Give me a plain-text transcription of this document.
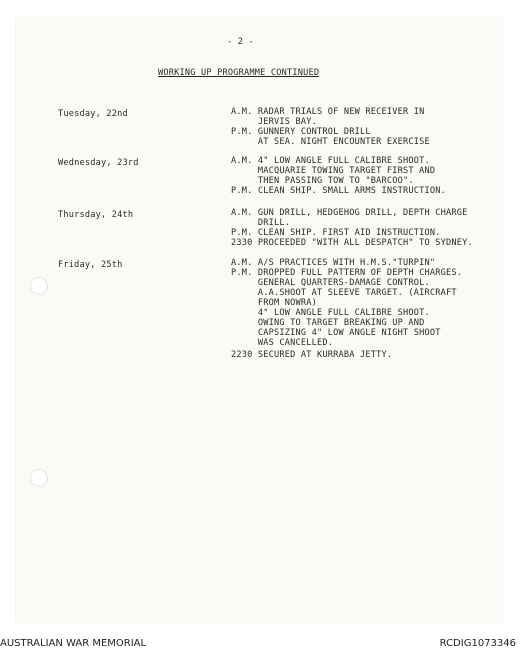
- 2 -
WORKING UP PROGRAMME CONTINUED
Tuesday, 22nd	A.M. RADAR TRIALS OF NEW RECEIVER IN
JERVIS BAY.
P.M. GUNNERY CONTROL DRILL
AT SEA. NIGHT ENCOUNTER EXERCISE
Wednesday, 23rd	A.M. 4" LOW ANGLE FULL CALIBRE SHOOT.
MACQUARIE TOWING TARGET FIRST AND
THEN PASSING TOW TO "BARCOO".
P.M. CLEAN SHIP. SMALL ARMS INSTRUCTION.
Thursday, 24th	A.M. GUN DRILL, HEDGEHOG DRILL, DEPTH CHARGE
DRILL.
P.M. CLEAN SHIP. FIRST AID INSTRUCTION.
2330 PROCEEDED "WITH ALL DESPATCH" TO SYDNEY.
Friday, 25th	A.M. A/S PRACTICES WITH H.M.S."TURPIN"
P.M. DROPPED FULL PATTERN OF DEPTH CHARGES.
GENERAL QUARTERS-DAMAGE CONTROL.
A.A.SHOOT AT SLEEVE TARGET. (AIRCRAFT
FROM NOWRA)
4" LOW ANGLE FULL CALIBRE SHOOT.
OWING TO TARGET BREAKING UP AND
CAPSIZING 4" LOW ANGLE NIGHT SHOOT
WAS CANCELLED.
2230 SECURED AT KURRABA JETTY.
AUSTRALIAN WAR MEMORIAL	RCDIG1073346
